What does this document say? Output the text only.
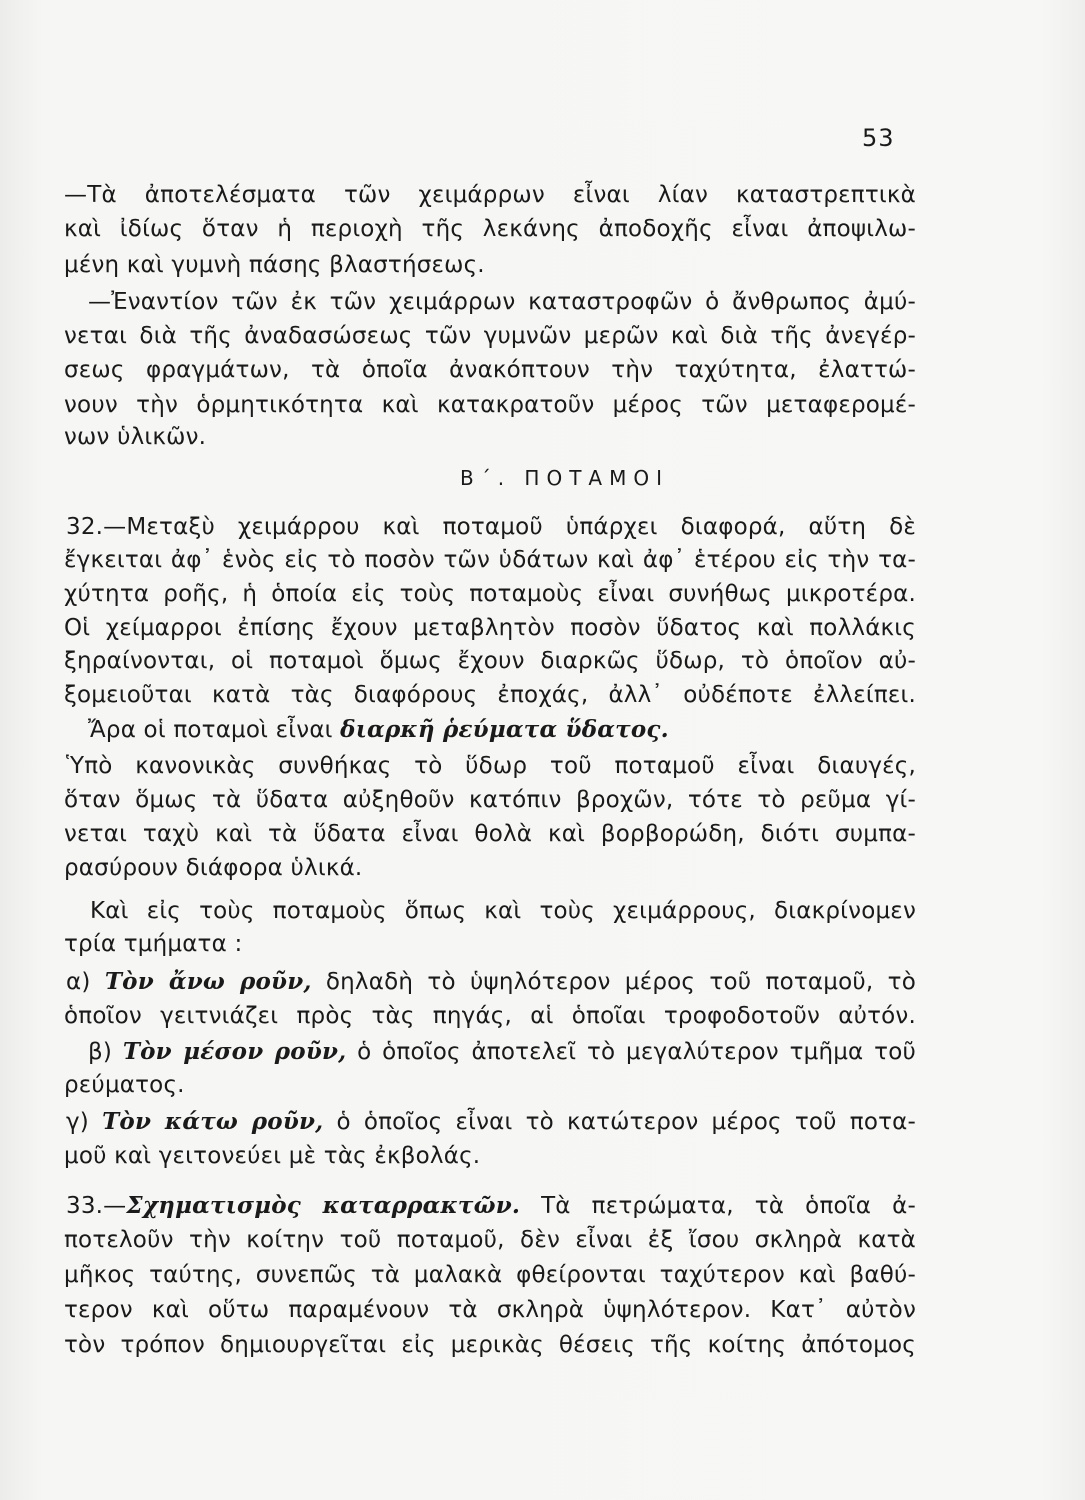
53
Β΄. ΠΟΤΑΜΟΙ
—Τὰ ἀποτελέσματα τῶν χειμάρρων εἶναι λίαν καταστρεπτικὰ
καὶ ἰδίως ὅταν ἡ περιοχὴ τῆς λεκάνης ἀποδοχῆς εἶναι ἀποψιλω-
μένη καὶ γυμνὴ πάσης βλαστήσεως.
—Ἐναντίον τῶν ἐκ τῶν χειμάρρων καταστροφῶν ὁ ἄνθρωπος ἀμύ-
νεται διὰ τῆς ἀναδασώσεως τῶν γυμνῶν μερῶν καὶ διὰ τῆς ἀνεγέρ-
σεως φραγμάτων, τὰ ὁποῖα ἀνακόπτουν τὴν ταχύτητα, ἐλαττώ-
νουν τὴν ὁρμητικότητα καὶ κατακρατοῦν μέρος τῶν μεταφερομέ-
νων ὑλικῶν.
32.—Μεταξὺ χειμάρρου καὶ ποταμοῦ ὑπάρχει διαφορά, αὕτη δὲ
ἔγκειται ἀφ᾽ ἑνὸς εἰς τὸ ποσὸν τῶν ὑδάτων καὶ ἀφ᾽ ἑτέρου εἰς τὴν τα-
χύτητα ροῆς, ἡ ὁποία εἰς τοὺς ποταμοὺς εἶναι συνήθως μικροτέρα.
Οἱ χείμαρροι ἐπίσης ἔχουν μεταβλητὸν ποσὸν ὕδατος καὶ πολλάκις
ξηραίνονται, οἱ ποταμοὶ ὅμως ἔχουν διαρκῶς ὕδωρ, τὸ ὁποῖον αὐ-
ξομειοῦται κατὰ τὰς διαφόρους ἐποχάς, ἀλλ᾽ οὐδέποτε ἐλλείπει.
Ἄρα οἱ ποταμοὶ εἶναι διαρκῆ ῥεύματα ὕδατος.
Ὑπὸ κανονικὰς συνθήκας τὸ ὕδωρ τοῦ ποταμοῦ εἶναι διαυγές,
ὅταν ὅμως τὰ ὕδατα αὐξηθοῦν κατόπιν βροχῶν, τότε τὸ ρεῦμα γί-
νεται ταχὺ καὶ τὰ ὕδατα εἶναι θολὰ καὶ βορβορώδη, διότι συμπα-
ρασύρουν διάφορα ὑλικά.
Καὶ εἰς τοὺς ποταμοὺς ὅπως καὶ τοὺς χειμάρρους, διακρίνομεν
τρία τμήματα :
α) Τὸν ἄνω ροῦν, δηλαδὴ τὸ ὑψηλότερον μέρος τοῦ ποταμοῦ, τὸ
ὁποῖον γειτνιάζει πρὸς τὰς πηγάς, αἱ ὁποῖαι τροφοδοτοῦν αὐτόν.
β) Τὸν μέσον ροῦν, ὁ ὁποῖος ἀποτελεῖ τὸ μεγαλύτερον τμῆμα τοῦ
ρεύματος.
γ) Τὸν κάτω ροῦν, ὁ ὁποῖος εἶναι τὸ κατώτερον μέρος τοῦ ποτα-
μοῦ καὶ γειτονεύει μὲ τὰς ἐκβολάς.
33.—Σχηματισμὸς καταρρακτῶν. Τὰ πετρώματα, τὰ ὁποῖα ἀ-
ποτελοῦν τὴν κοίτην τοῦ ποταμοῦ, δὲν εἶναι ἐξ ἴσου σκληρὰ κατὰ
μῆκος ταύτης, συνεπῶς τὰ μαλακὰ φθείρονται ταχύτερον καὶ βαθύ-
τερον καὶ οὕτω παραμένουν τὰ σκληρὰ ὑψηλότερον. Κατ᾽ αὐτὸν
τὸν τρόπον δημιουργεῖται εἰς μερικὰς θέσεις τῆς κοίτης ἀπότομος
